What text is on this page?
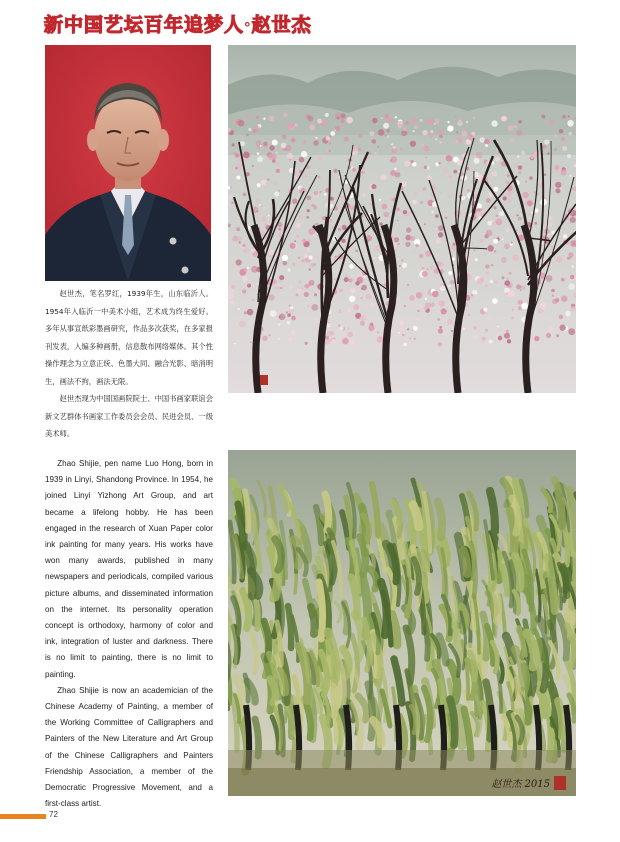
新中国艺坛百年追梦人·赵世杰

赵世杰，笔名罗红，1939年生，山东临沂人。1954年入临沂一中美术小组，艺术成为终生爱好。多年从事宣纸彩墨画研究，作品多次获奖，在多家报刊发表，入编多种画册，信息散布网络媒体。其个性操作理念为立意正统、色墨大同、融合光影、暗消明生，画法不拘，画法无限。

赵世杰现为中国国画院院士、中国书画家联谊会新文艺群体书画家工作委员会会员、民进会员、一级美术师。

Zhao Shijie, pen name Luo Hong, born in 1939 in Linyi, Shandong Province. In 1954, he joined Linyi Yizhong Art Group, and art became a lifelong hobby. He has been engaged in the research of Xuan Paper color ink painting for many years. His works have won many awards, published in many newspapers and periodicals, compiled various picture albums, and disseminated information on the internet. Its personality operation concept is orthodoxy, harmony of color and ink, integration of luster and darkness. There is no limit to painting, there is no limit to painting.

Zhao Shijie is now an academician of the Chinese Academy of Painting, a member of the Working Committee of Calligraphers and Painters of the New Literature and Art Group of the Chinese Calligraphers and Painters Friendship Association, a member of the Democratic Progressive Movement, and a first-class artist.

赵世杰 2015
72
